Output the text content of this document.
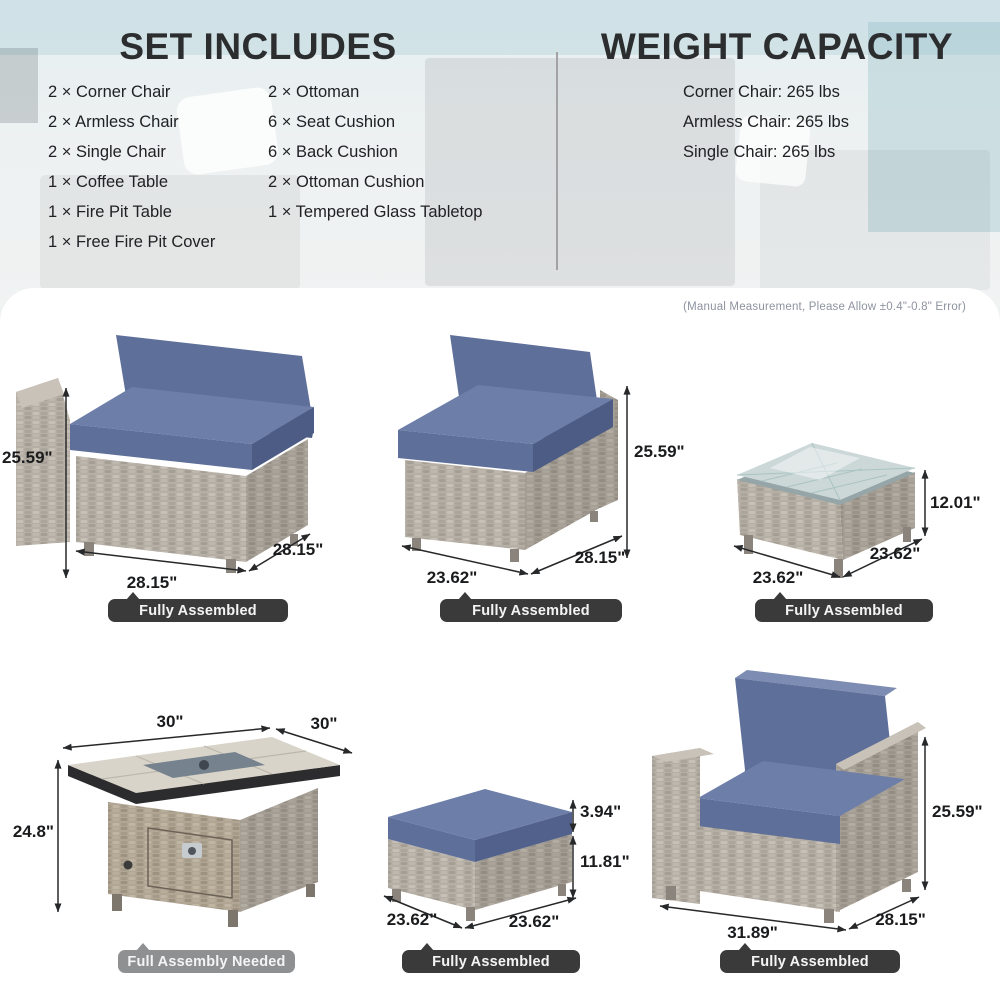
SET INCLUDES
2 × Corner Chair
2 × Armless Chair
2 × Single Chair
1 × Coffee Table
1 × Fire Pit Table
1 × Free Fire Pit Cover
2 × Ottoman
6 × Seat Cushion
6 × Back Cushion
2 × Ottoman Cushion
1 × Tempered Glass Tabletop
WEIGHT CAPACITY
Corner Chair: 265 lbs
Armless Chair: 265 lbs
Single Chair: 265 lbs
(Manual Measurement, Please Allow ±0.4"-0.8" Error)
25.59"
28.15"
28.15"
Fully Assembled
25.59"
23.62"
28.15"
Fully Assembled
12.01"
23.62"
23.62"
Fully Assembled
30"	30"
24.8"
Full Assembly Needed
3.94"
11.81"
23.62"	23.62"
Fully Assembled
25.59"
31.89"
28.15"
Fully Assembled
